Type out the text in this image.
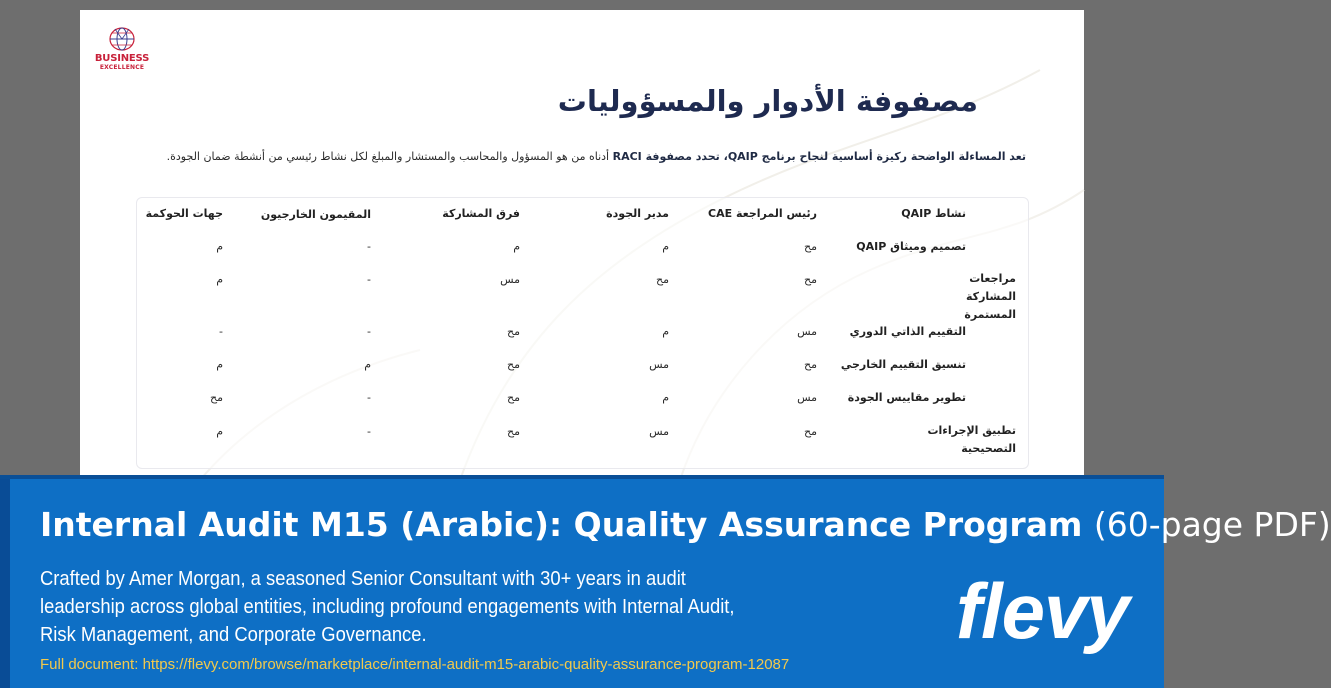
BUSINESS
EXCELLENCE
مصفوفة الأدوار والمسؤوليات
تعد المساءلة الواضحة ركيزة أساسية لنجاح برنامج QAIP، تحدد مصفوفة RACI أدناه من هو المسؤول والمحاسب والمستشار والمبلغ لكل نشاط رئيسي من أنشطة ضمان الجودة.
نشاط QAIP
رئيس المراجعة CAE
مدير الجودة
فرق المشاركة
المقيمون الخارجيون
جهات الحوكمة
تصميم وميثاق QAIP
مح
م
م
-
م
مراجعات المشاركة المستمرة
مح
مح
مس
-
م
التقييم الذاتي الدوري
مس
م
مح
-
-
تنسيق التقييم الخارجي
مح
مس
مح
م
م
تطوير مقاييس الجودة
مس
م
مح
-
مح
تطبيق الإجراءات التصحيحية
مح
مس
مح
-
م
Internal Audit M15 (Arabic): Quality Assurance Program (60-page PDF)
Crafted by Amer Morgan, a seasoned Senior Consultant with 30+ years in audit leadership across global entities, including profound engagements with Internal Audit, Risk Management, and Corporate Governance.
Full document: https://flevy.com/browse/marketplace/internal-audit-m15-arabic-quality-assurance-program-12087
flevy
